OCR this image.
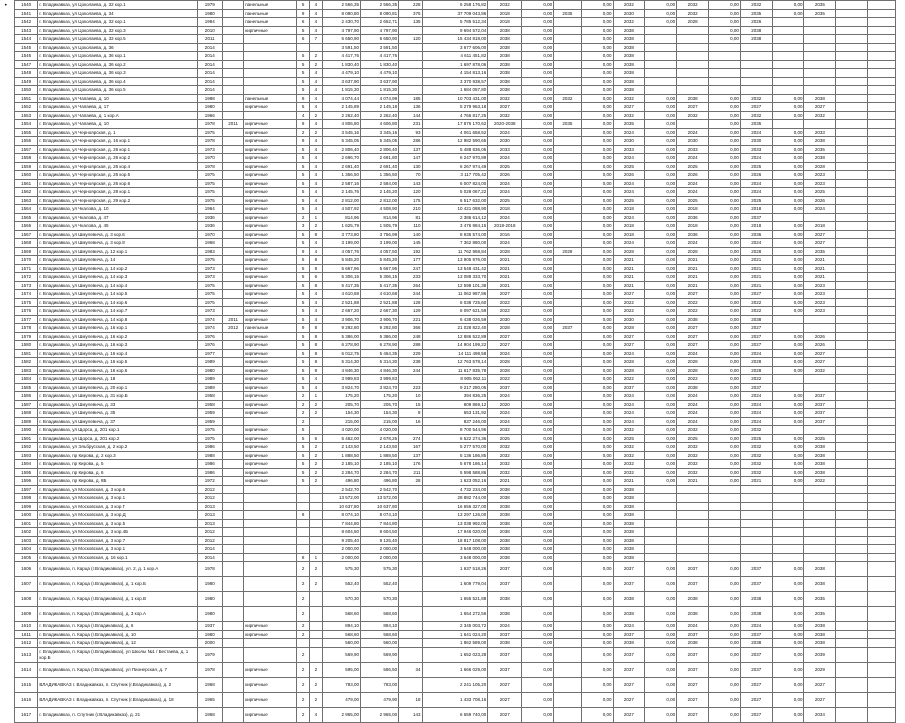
•	1540	г. Владикавказ, ул Цоколаева, д. 32 кор.1	1979		панельные	5	4	2 566,35	2 566,35	228	6 258 176,82	2032	0,00		0,00	2032	0,00	2032	0,00	2032	0,00	2035		
1541	г. Владикавказ, ул Цоколаева, д. 34	1980		панельные	9	4	8 090,80	8 090,81	375	37 709 043,86	2018	0,00	2035	0,00	2030	0,00	2032	0,00	2035	0,00	2035		
1542	г. Владикавказ, ул Цоколаева, д. 32 кор.1	1994		панельные	6	4	2 430,70	2 652,71	135	5 785 512,34	2018	0,00		0,00	2032	0,00	2028	0,00	2026				
1543	г. Владикавказ, ул Цоколаева, д. 32 кор.3	2010		кирпичные	5	4	4 797,90	4 797,90		9 694 572,04	2038	0,00		0,00	2038			0,00	2038				
1544	г. Владикавказ, ул Цоколаева, д. 32 кор.5	2011			6	7	6 650,90	6 650,90	120	15 434 818,00	2038	0,00		0,00	2038			0,00	2038				
1545	г. Владикавказ, ул Цоколаева, д. 36	2014					3 591,50	3 591,50		3 677 606,00	2038	0,00		0,00	2038								
1546	г. Владикавказ, ул Цоколаева, д. 36 кор.1	2014			5	2	4 417,76	4 417,76		4 611 451,82	2038	0,00		0,00	2038								
1547	г. Владикавказ, ул Цоколаева, д. 36 кор.2	2014			5	2	1 830,40	1 830,40		1 697 878,06	2038	0,00		0,00	2038								
1548	г. Владикавказ, ул Цоколаева, д. 36 кор.3	2014			5	4	4 479,10	4 479,10		4 154 813,16	2038	0,00		0,00	2038								
1549	г. Владикавказ, ул Цоколаева, д. 36 кор.4	2014			5	4	3 637,90	3 637,90		3 370 938,57	2038	0,00		0,00	2038								
1550	г. Владикавказ, ул Цоколаева, д. 36 кор.5	2014			5	4	1 815,30	1 815,30		1 684 057,80	2038	0,00		0,00	2038								
1551	г. Владикавказ, ул Чапаева, д. 10	1988		панельные	9	4	4 074,44	4 074,99	185	10 703 431,00	2032	0,00	2032	0,00	2032	0,00	2038	0,00	2032	0,00	2038		
1552	г. Владикавказ, ул Чапаева, д. 17	1980		кирпичные	5	4	2 145,89	2 145,18	136	5 279 963,18	2027	0,00		0,00	2027	0,00	2027	0,00	2027	0,00	2027		
1553	г. Владикавказ, ул Чапаева, д. 1 кор.А	1966			4	2	2 262,40	2 262,40	144	4 766 817,25	2032	0,00		0,00	2032	0,00	2032	0,00	2032	0,00	2032		
1554	г. Владикавказ, ул Чапаева, д. 10	1978	2011	кирпичные	9	4	4 806,80	4 606,80	231	17 876 170,62	2020-2038	0,00	2035	0,00	2035	0,00		0,00	2035				
1555	г. Владикавказ, ул Черноярская, д. 1	1975		кирпичные	2	2	3 545,16	3 345,16	93	4 061 658,52	2024	0,00		0,00	2024	0,00	2024	0,00	2024	0,00	2033		
1556	г. Владикавказ, ул Черноярская, д. 16 кор.1	1978		кирпичные	9	4	5 345,05	5 345,05	286	12 982 590,65	2030	0,00		0,00	2030	0,00	2030	0,00	2030	0,00	2038		
1557	г. Владикавказ, ул Черноярская, д. 26 кор.1	1973		кирпичные	5	4	2 806,40	2 806,40	137	5 488 836,06	2033	0,00		0,00	2033	0,00	2033	0,00	2033	0,00	2035		
1558	г. Владикавказ, ул Черноярская, д. 26 кор.2	1970		кирпичные	5	4	2 696,70	2 691,80	147	6 247 970,89	2024	0,00		0,00	2024	0,00	2024	0,00	2024	0,00	2038		
1559	г. Владикавказ, ул Черноярская, д. 26 кор.4	1978		кирпичные	5	4	2 691,40	2 691,40	130	6 267 974,49	2025	0,00		0,00	2025	0,00	2025	0,00	2025	0,00	2028		
1560	г. Владикавказ, ул Черноярская, д. 26 кор.5	1975		кирпичные	5	4	1 356,50	1 356,50	70	3 117 705,42	2026	0,00		0,00	2026	0,00	2026	0,00	2026	0,00	2023		
1561	г. Владикавказ, ул Черноярская, д. 26 кор.6	1975		кирпичные	5	4	2 587,16	2 584,00	143	6 007 824,00	2024	0,00		0,00	2024	0,00	2024	0,00	2024	0,00	2023		
1562	г. Владикавказ, ул Черноярская, д. 28 кор.1	1975		кирпичные	5	4	2 145,76	2 145,20	120	5 028 067,22	2024	0,00		0,00	2024	0,00	2024	0,00	2024	0,00	2025		
1563	г. Владикавказ, ул Черноярская, д. 29 кор.2	1975		кирпичные	5	4	2 812,00	2 812,00	175	6 517 632,00	2025	0,00		0,00	2025	0,00	2025	0,00	2025	0,00	2026		
1564	г. Владикавказ, ул Чкалова, д. 10	1964		кирпичные	5	4	4 507,92	4 508,90	210	10 421 088,90	2018	0,00		0,00	2018	0,00	2018	0,00	2018	0,00	2024		
1565	г. Владикавказ, ул Чкалова, д. 47	1936		кирпичные	2	1	814,96	814,96	81	2 386 614,12	2024	0,00		0,00	2024	0,00	2036	0,00	2037				
1566	г. Владикавказ, ул Чкалова, д. 45	1936		кирпичные	3	2	1 625,79	1 505,79	110	3 476 984,15	2018-2018	0,00		0,00	2018	0,00	2018	0,00	2018	0,00	2018		
1567	г. Владикавказ, ул Шмулевича, д. 3 кор.6	1970		кирпичные	5	8	3 773,80	3 756,99	140	8 935 574,00	2016	0,00		0,00	2018	0,00	2036	0,00	2036	0,00	2027		
1568	г. Владикавказ, ул Шмулевича, д. 3 кор.8	1968		кирпичные	5	4	3 199,00	3 199,00	145	7 362 880,00	2024	0,00		0,00	2024	0,00	2024	0,00	2024	0,00	2027		
1569	г. Владикавказ, ул Шмулевича, д. 12 кор.1	1983		кирпичные	9	4	4 057,76	4 057,50	192	11 762 958,84	2028	0,00	2028	0,00	2028	0,00	2028	0,00	2028	0,00	2035		
1570	г. Владикавказ, ул Шмулевича, д. 14	1975		кирпичные	5	8	5 845,20	5 845,20	177	13 905 976,00	2021	0,00		0,00	2021	0,00	2021	0,00	2021	0,00	2021		
1571	г. Владикавказ, ул Шмулевича, д. 14 кор.2	1973		кирпичные	5	8	5 667,96	5 667,96	247	13 548 431,42	2021	0,00		0,00	2021	0,00	2021	0,00	2021	0,00	2021		
1572	г. Владикавказ, ул Шмулевича, д. 14 кор.3	1973		кирпичные	5	6	5 306,15	5 306,15	233	13 088 333,70	2021	0,00		0,00	2021	0,00	2021	0,00	2021	0,00	2021		
1573	г. Владикавказ, ул Шмулевича, д. 14 кор.4	1975		кирпичные	5	8	5 417,35	5 417,35	264	12 598 101,38	2021	0,00		0,00	2021	0,00	2021	0,00	2021	0,00	2023		
1574	г. Владикавказ, ул Шмулевича, д. 14 кор.5	1975		кирпичные	5	4	4 610,68	4 610,68	244	11 062 987,86	2027	0,00		0,00	2027	0,00	2027	0,00	2027	0,00	2023		
1575	г. Владикавказ, ул Шмулевича, д. 14 кор.6	1975		кирпичные	5	4	2 521,88	2 521,88	128	6 038 725,60	2022	0,00		0,00	2022	0,00	2022	0,00	2022	0,00	2023		
1576	г. Владикавказ, ул Шмулевича, д. 14 кор.7	1973		кирпичные	5	4	2 667,20	2 667,30	129	6 097 621,59	2022	0,00		0,00	2022	0,00	2022	0,00	2022	0,00	2023		
1577	г. Владикавказ, ул Шмулевича, д. 14 кор.8	1974	2011	кирпичные	5	4	3 906,70	3 906,70	221	6 438 026,59	2030	0,00		0,00	2030	0,00	2038	0,00	2038				
1578	г. Владикавказ, ул Шмулевича, д. 16 кор.1	1974	2012	панельные	9	8	9 292,80	9 292,80	366	21 028 822,40	2028	0,00	2037	0,00	2028	0,00	2027	0,00	2027				
1579	г. Владикавказ, ул Шмулевича, д. 16 кор.2	1976		кирпичные	5	8	5 386,00	5 386,00	248	12 886 522,89	2027	0,00		0,00	2027	0,00	2027	0,00	2027	0,00	2026		
1580	г. Владикавказ, ул Шмулевича, д. 16 кор.3	1976		кирпичные	5	8	6 278,90	6 278,90	288	14 904 199,22	2027	0,00		0,00	2027	0,00	2027	0,00	2027	0,00	2026		
1581	г. Владикавказ, ул Шмулевича, д. 16 кор.4	1977		кирпичные	5	8	6 012,75	5 464,35	229	14 111 498,58	2024	0,00		0,00	2024	0,00	2024	0,00	2024	0,00	2027		
1582	г. Владикавказ, ул Шмулевича, д. 16 кор.5	1989		кирпичные	5	8	5 314,30	5 314,30	238	12 763 578,14	2028	0,00		0,00	2028	0,00	2028	0,00	2028	0,00	2027		
1583	г. Владикавказ, ул Шмулевича, д. 16 кор.6	1980		кирпичные	5	8	4 846,30	4 846,30	244	11 617 835,78	2028	0,00		0,00	2028	0,00	2028	0,00	2028	0,00	2032		
1584	г. Владикавказ, ул Шмулевича, д. 18	1989		кирпичные	5	4	3 999,83	3 999,83		8 905 062,11	2022	0,00		0,00	2022	0,00	2022	0,00	2022				
1585	г. Владикавказ, ул Шмулевича, д. 20 кор.1	1989		кирпичные	5	4	3 824,70	3 824,70	223	9 217 280,06	2037	0,00		0,00	2037	0,00	2038	0,00	2037				
1586	г. Владикавказ, ул Шмулевича, д. 31 кор.Б	1958		кирпичные	2	1	175,20	175,20	10	394 836,25	2024	0,00		0,00	2024	0,00	2024	0,00	2024	0,00	2037		
1587	г. Владикавказ, ул Шмулевича, д. 33	1958		кирпичные	2	2	205,70	205,70	15	809 869,12	2020	0,00		0,00	2024	0,00	2024	0,00	2024	0,00	2037		
1588	г. Владикавказ, ул Шмулевича, д. 35	1959		кирпичные	2	2	154,30	154,30	8	653 131,92	2024	0,00		0,00	2024	0,00	2024	0,00	2024	0,00	2037		
1589	г. Владикавказ, ул Шмулевича, д. 37	1959			2		215,00	215,00	16	837 246,00	2024	0,00		0,00	2024	0,00	2024	0,00	2024	0,00	2037		
1590	г. Владикавказ, ул Щорса, д. 201 кор.1	1975		кирпичные	5		4 020,00	4 020,00		8 700 544,96	2032	0,00		0,00	2032	0,00	2032	0,00	2032				
1591	г. Владикавказ, ул Щорса, д. 201 кор.2	1975		кирпичные	5	6	5 462,00	2 678,26	274	6 522 274,36	2025	0,00		0,00	2025	0,00	2025	0,00	2025	0,00	2025		
1592	г. Владикавказ, ул Эльбрусская, д. 2 кор.2	1986		кирпичные	5	2	2 143,50	2 143,50	167	5 277 570,00	2032	0,00		0,00	2032	0,00	2032	0,00	2032	0,00	2038		
1593	г. Владикавказ, пр Кирова, д. 2 кор.3	1988		кирпичные	5	2	1 888,50	1 888,50	137	5 136 186,85	2032	0,00		0,00	2032	0,00	2032	0,00	2032	0,00	2038		
1594	г. Владикавказ, пр Кирова, д. 5	1986		кирпичные	5	2	2 185,10	2 185,10	176	5 678 186,14	2032	0,00		0,00	2032	0,00	2032	0,00	2032	0,00	2038		
1595	г. Владикавказ, пр Кирова, д. 6	1986		кирпичные	5	2	2 284,70	2 284,70	211	5 598 588,86	2032	0,00		0,00	2032	0,00	2032	0,00	2032	0,00	2038		
1596	г. Владикавказ, пр Кирова, д. 8Б	1972		кирпичные	5	2	496,80	496,80	28	1 623 052,16	2021	0,00		0,00	2021	0,00	2021	0,00	2021	0,00	2022		
1597	г. Владикавказ, ул Московская, д. 3 кор.6	2012					2 542,70	2 542,70		4 732 234,00	2038	0,00		0,00	2038								
1598	г. Владикавказ, ул Московская, д. 3 кор.1	2012					13 572,00	13 572,00		28 882 744,00	2038	0,00		0,00	2038								
1599	г. Владикавказ, ул Московская, д. 3 кор.Г	2013					10 637,80	10 637,80		16 656 327,00	2038	0,00		0,00	2038								
1600	г. Владикавказ, ул Московская, д. 3 кор.Д	2013			8		8 074,10	8 074,10		13 297 126,00	2038	0,00		0,00	2038								
1601	г. Владикавказ, ул Московская, д. 3 кор.5	2013					7 844,80	7 844,80		13 038 992,00	2038	0,00		0,00	2038								
1602	г. Владикавказ, ул Московская, д. 3 кор.4Б	2012					8 604,50	8 604,50		17 946 020,00	2038	0,00		0,00	2038								
1603	г. Владикавказ, ул Московская, д. 3 кор.7	2012					9 205,40	9 125,40		18 817 108,00	2038	0,00		0,00	2038								
1604	г. Владикавказ, ул Московская, д. 3 кор.1	2014					2 000,00	2 000,00		3 648 000,00	2038	0,00		0,00	2038								
1605	г. Владикавказ, ул Московская, д. 16 кор.1	2014			8	1	2 000,00	2 000,00		3 648 000,00	2038	0,00		0,00	2038								
1606	г. Владикавказ, п. Карца (г.Владикавказ), ул. 2, д. 1 кор.А	1978			2	2	575,30	575,30		1 637 518,26	2037	0,00		0,00	2037	0,00	2037	0,00	2037	0,00	2038		
1607	г. Владикавказ, п. Карца (г.Владикавказ), д. 1 кор.Б	1980			2	2	552,40	552,40		1 609 779,04	2037	0,00		0,00	2037	0,00	2037	0,00	2037	0,00	2038		
1608	г. Владикавказ, п. Карца (г.Владикавказ), д. 1 кор.В	1980			2		570,30	570,30		1 655 521,88	2038	0,00		0,00	2038	0,00	2038	0,00	2038	0,00	2035		
1609	г. Владикавказ, п. Карца (г.Владикавказ), д. 3 кор.А	1980			2		568,60	568,60		1 654 272,56	2038	0,00		0,00	2038	0,00	2038	0,00	2038	0,00	2035		
1610	г. Владикавказ, п. Карца (г.Владикавказ), д. 6	1937		кирпичные	2		894,10	894,10		2 345 003,72	2024	0,00		0,00	2024	0,00	2024	0,00	2024	0,00	2038		
1611	г. Владикавказ, п. Карца (г.Владикавказ), д. 10	1980		кирпичные	2		568,60	568,60		1 641 024,20	2037	0,00		0,00	2037	0,00	2037	0,00	2037	0,00	2038		
1612	г. Владикавказ, п. Карца (г.Владикавказ), д. 12	2000					560,00	560,00		1 862 589,00	2038	0,00		0,00	2038	0,00	2038	0,00	2038	0,00	2038		
1613	г. Владикавказ, п. Карца (г.Владикавказ), ул Школы №1 / Бестаева, д. 1 кор.Б	1979			2		569,90	569,90		1 652 023,28	2037	0,00		0,00	2037	0,00	2037	0,00	2037	0,00	2039		
1614	г. Владикавказ, п. Карца (г.Владикавказ), ул Пионерская, д. 7	1978		кирпичные	2	2	595,00	586,50	34	1 666 029,00	2037	0,00		0,00	2037	0,00	2037	0,00	2037	0,00	2029		
1615	ВЛАДИКАВКАЗ г. Владикавказ, п. Спутник (г.Владикавказ), д. 2	1968		кирпичные	2	2	783,00	783,00		2 241 105,20	2027	0,00		0,00	2027	0,00	2027	0,00	2027	0,00	2027		
1616	ВЛАДИКАВКАЗ г. Владикавказ, п. Спутник (г.Владикавказ), д. 18	1965		кирпичные	2	2	479,00	479,90	18	1 433 708,16	2027	0,00		0,00	2027	0,00	2027	0,00	2027	0,00	2027		
1617	г. Владикавказ, п. Спутник (г.Владикавказ), д. 21	1968		кирпичные	2	4	2 965,00	2 965,00	143	6 659 740,00	2027	0,00		0,00	2027	0,00	2027	0,00	2027	0,00	2034		
